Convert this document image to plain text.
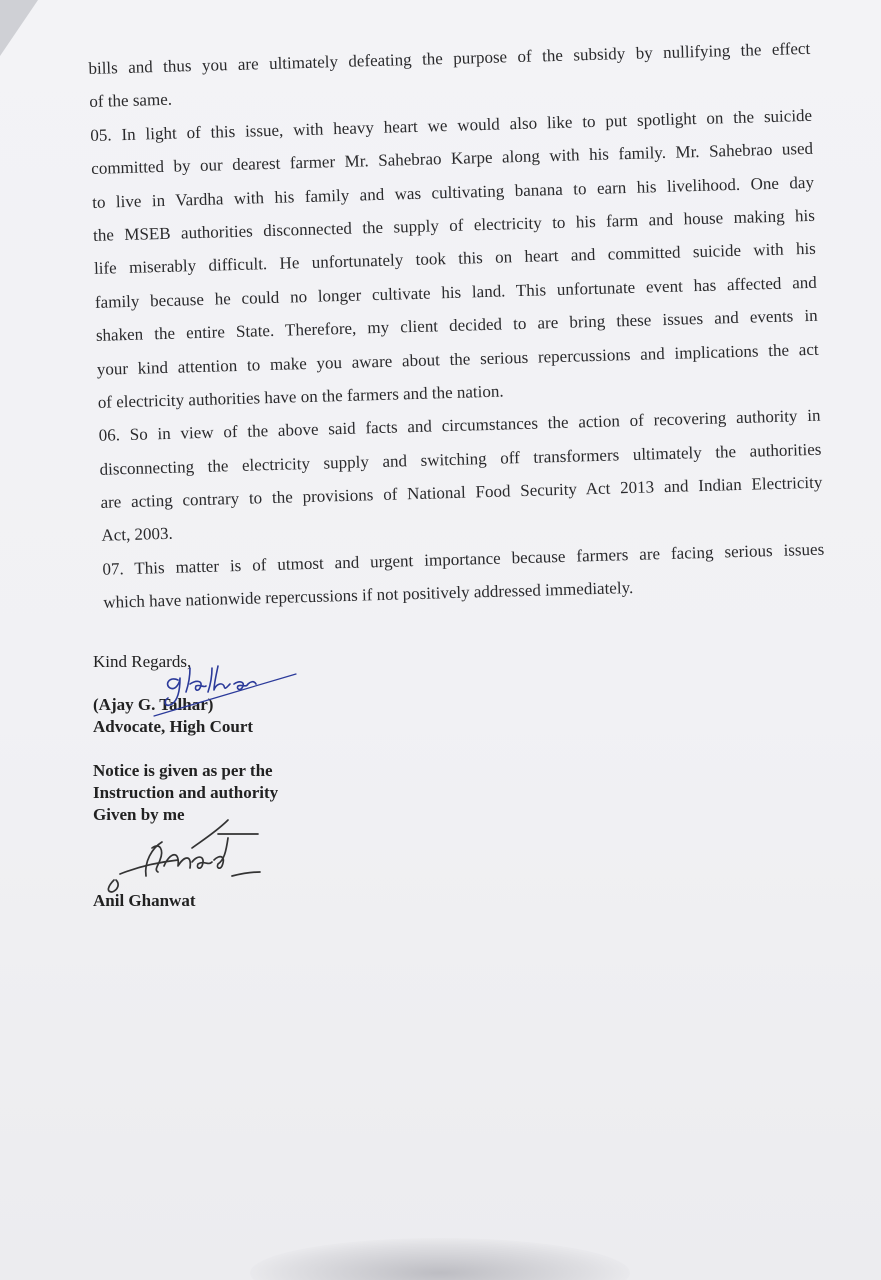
bills and thus you are ultimately defeating the purpose of the subsidy by nullifying the effect
of the same.
05. In light of this issue, with heavy heart we would also like to put spotlight on the suicide
committed by our dearest farmer Mr. Sahebrao Karpe along with his family. Mr. Sahebrao used
to live in Vardha with his family and was cultivating banana to earn his livelihood. One day
the MSEB authorities disconnected the supply of electricity to his farm and house making his
life miserably difficult. He unfortunately took this on heart and committed suicide with his
family because he could no longer cultivate his land. This unfortunate event has affected and
shaken the entire State. Therefore, my client decided to are bring these issues and events in
your kind attention to make you aware about the serious repercussions and implications the act
of electricity authorities have on the farmers and the nation.
06. So in view of the above said facts and circumstances the action of recovering authority in
disconnecting the electricity supply and switching off transformers ultimately the authorities
are acting contrary to the provisions of National Food Security Act 2013 and Indian Electricity
Act, 2003.
07. This matter is of utmost and urgent importance because farmers are facing serious issues
which have nationwide repercussions if not positively addressed immediately.
Kind Regards,
(Ajay G. Talhar)
Advocate, High Court
Notice is given as per the
Instruction and authority
Given by me
Anil Ghanwat
